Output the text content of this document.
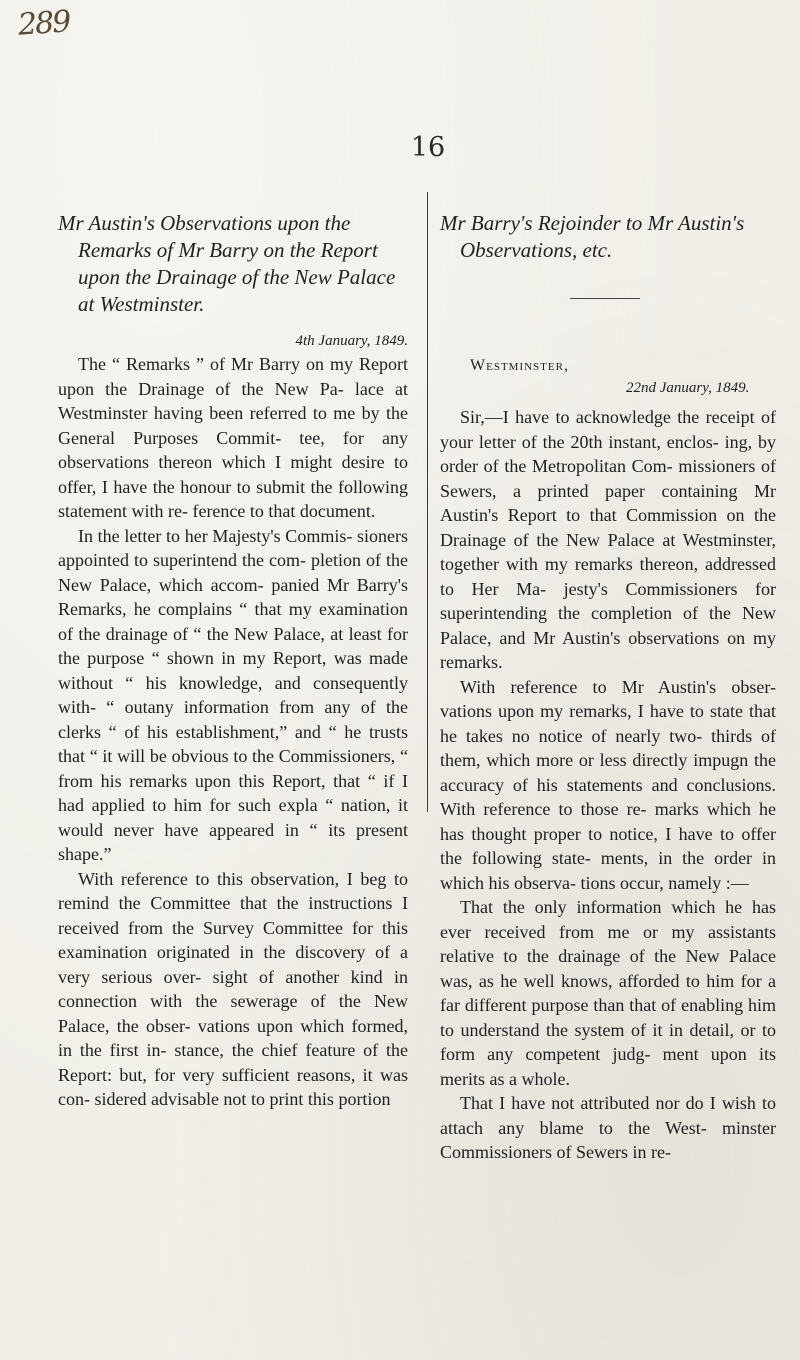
289
16

Mr Austin's Observations upon the Remarks of Mr Barry on the Report upon the Drainage of the New Palace at Westminster.

4th January, 1849.

The “ Remarks ” of Mr Barry on my Report upon the Drainage of the New Pa- lace at Westminster having been referred to me by the General Purposes Commit- tee, for any observations thereon which I might desire to offer, I have the honour to submit the following statement with re- ference to that document.

In the letter to her Majesty's Commis- sioners appointed to superintend the com- pletion of the New Palace, which accom- panied Mr Barry's Remarks, he complains “ that my examination of the drainage of “ the New Palace, at least for the purpose “ shown in my Report, was made without “ his knowledge, and consequently with- “ outany information from any of the clerks “ of his establishment,” and “ he trusts that “ it will be obvious to the Commissioners, “ from his remarks upon this Report, that “ if I had applied to him for such expla “ nation, it would never have appeared in “ its present shape.”

With reference to this observation, I beg to remind the Committee that the instructions I received from the Survey Committee for this examination originated in the discovery of a very serious over- sight of another kind in connection with the sewerage of the New Palace, the obser- vations upon which formed, in the first in- stance, the chief feature of the Report: but, for very sufficient reasons, it was con- sidered advisable not to print this portion

Mr Barry's Rejoinder to Mr Austin's Observations, etc.

Westminster,

22nd January, 1849.

Sir,—I have to acknowledge the receipt of your letter of the 20th instant, enclos- ing, by order of the Metropolitan Com- missioners of Sewers, a printed paper containing Mr Austin's Report to that Commission on the Drainage of the New Palace at Westminster, together with my remarks thereon, addressed to Her Ma- jesty's Commissioners for superintending the completion of the New Palace, and Mr Austin's observations on my remarks.

With reference to Mr Austin's obser- vations upon my remarks, I have to state that he takes no notice of nearly two- thirds of them, which more or less directly impugn the accuracy of his statements and conclusions. With reference to those re- marks which he has thought proper to notice, I have to offer the following state- ments, in the order in which his observa- tions occur, namely :—

That the only information which he has ever received from me or my assistants relative to the drainage of the New Palace was, as he well knows, afforded to him for a far different purpose than that of enabling him to understand the system of it in detail, or to form any competent judg- ment upon its merits as a whole.

That I have not attributed nor do I wish to attach any blame to the West- minster Commissioners of Sewers in re-
